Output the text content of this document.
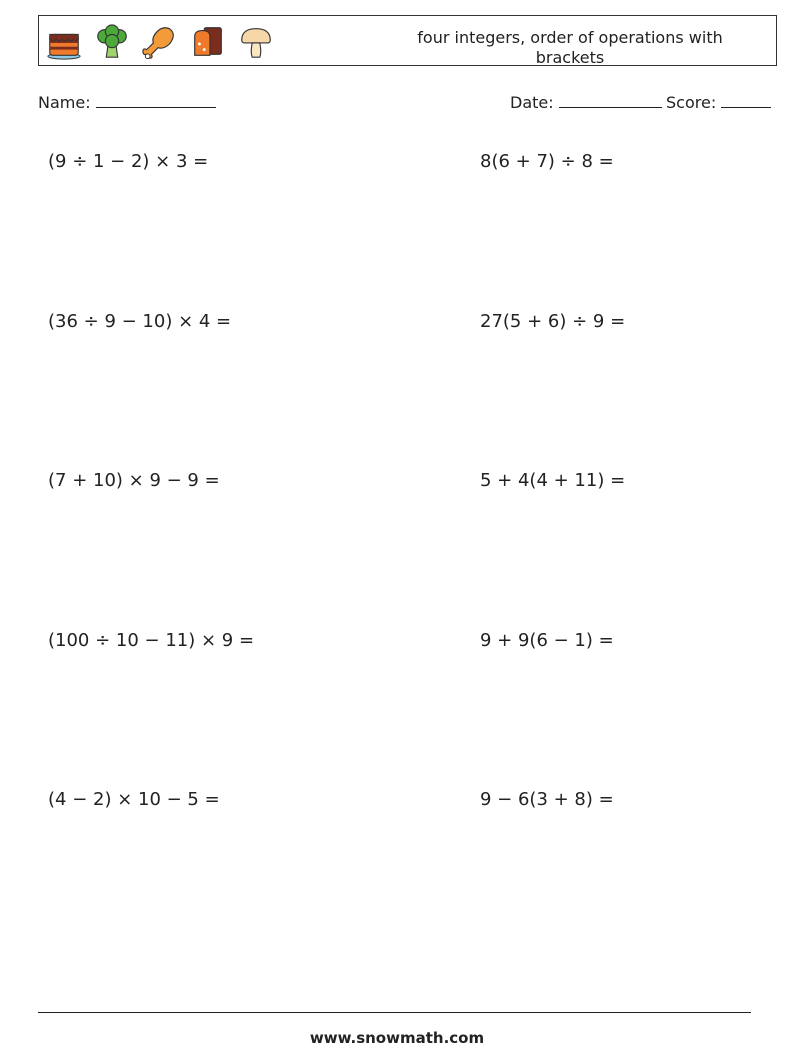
four integers, order of operations with brackets
Name:	Date:	Score:
(9 ÷ 1 − 2) × 3 =	8(6 + 7) ÷ 8 =
(36 ÷ 9 − 10) × 4 =	27(5 + 6) ÷ 9 =
(7 + 10) × 9 − 9 =	5 + 4(4 + 11) =
(100 ÷ 10 − 11) × 9 =	9 + 9(6 − 1) =
(4 − 2) × 10 − 5 =	9 − 6(3 + 8) =
www.snowmath.com
